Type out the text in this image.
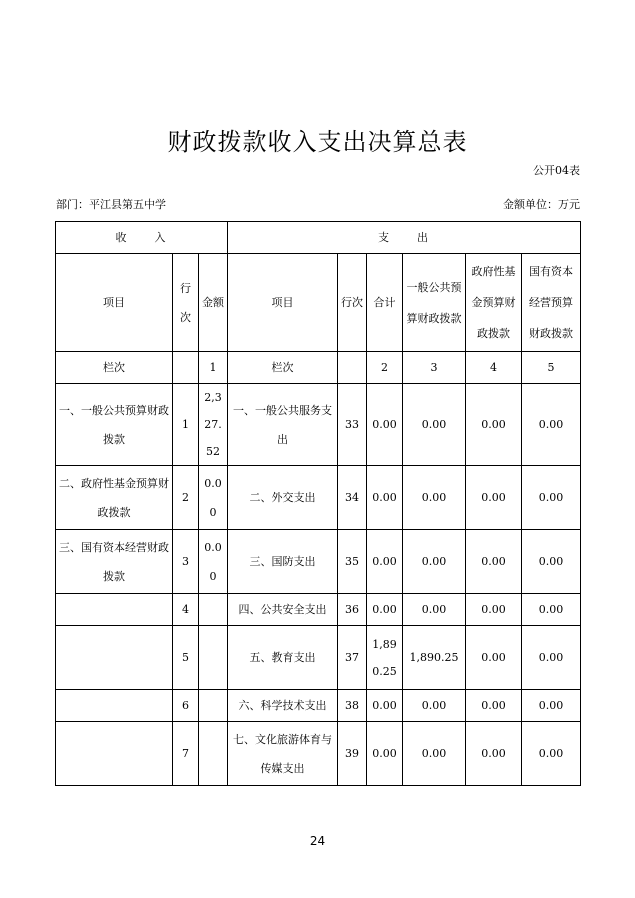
财政拨款收入支出决算总表
公开04表
部门：平江县第五中学	金额单位：万元
收　　入			支　　出					
项目	行次	金额	项目	行次	合计	一般公共预算财政拨款	政府性基金预算财政拨款	国有资本经营预算财政拨款
栏次		1	栏次		2	3	4	5
一、一般公共预算财政拨款	1	2,327.52	一、一般公共服务支出	33	0.00	0.00	0.00	0.00
二、政府性基金预算财政拨款	2	0.00	二、外交支出	34	0.00	0.00	0.00	0.00
三、国有资本经营财政拨款	3	0.00	三、国防支出	35	0.00	0.00	0.00	0.00
	4		四、公共安全支出	36	0.00	0.00	0.00	0.00
	5		五、教育支出	37	1,890.25	1,890.25	0.00	0.00
	6		六、科学技术支出	38	0.00	0.00	0.00	0.00
	7		七、文化旅游体育与传媒支出	39	0.00	0.00	0.00	0.00
24
